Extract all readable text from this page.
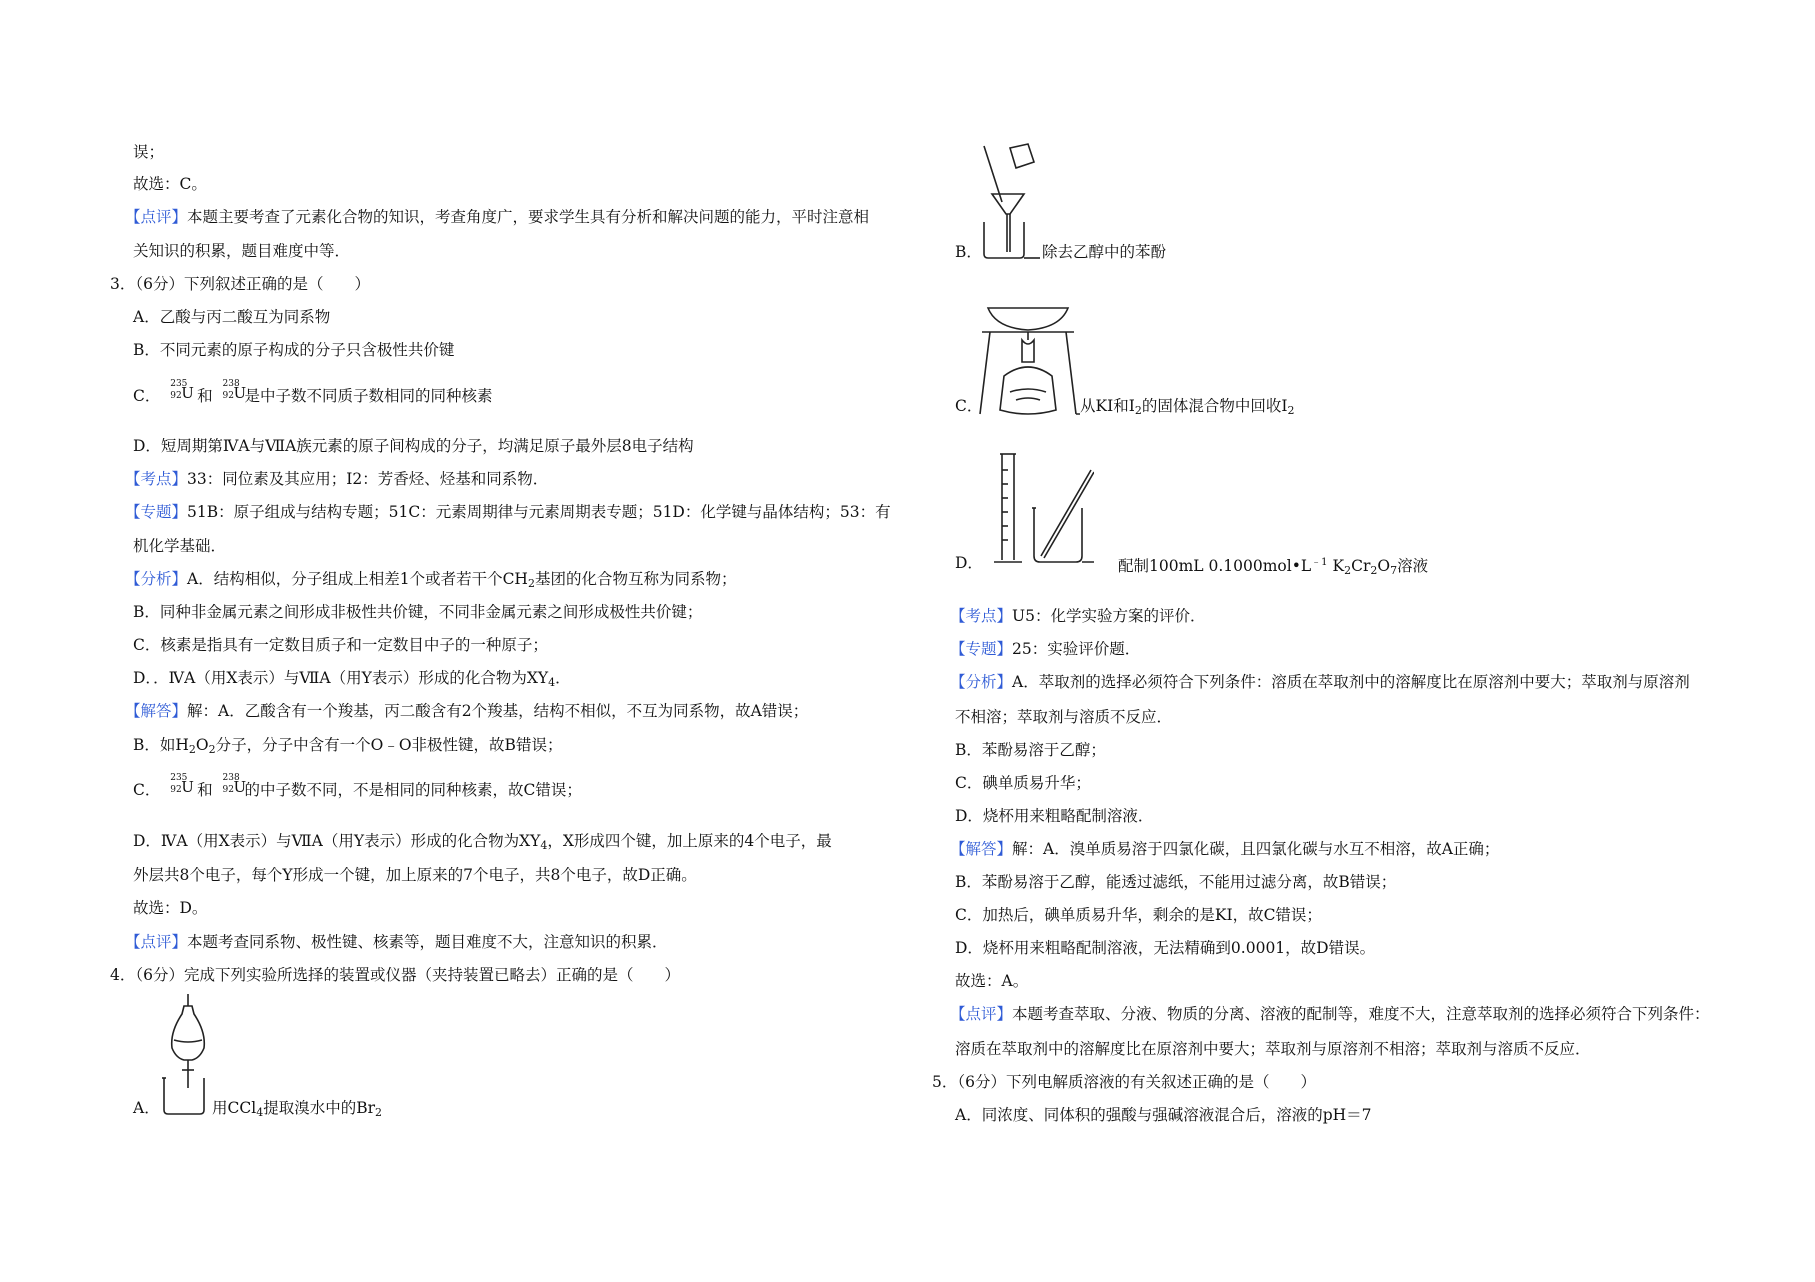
误；
故选：C。
【点评】本题主要考查了元素化合物的知识，考查角度广，要求学生具有分析和解决问题的能力，平时注意相
关知识的积累，题目难度中等．
3．（6分）下列叙述正确的是（　　）
A．乙酸与丙二酸互为同系物
B．不同元素的原子构成的分子只含极性共价键
C．
235
92 U 和
238
92 U
是中子数不同质子数相同的同种核素
D．短周期第ⅣA与ⅦA族元素的原子间构成的分子，均满足原子最外层8电子结构
【考点】33：同位素及其应用；I2：芳香烃、烃基和同系物．
【专题】51B：原子组成与结构专题；51C：元素周期律与元素周期表专题；51D：化学键与晶体结构；53：有
机化学基础．
【分析】A．结构相似，分子组成上相差1个或者若干个$CH_2$基团的化合物互称为同系物；
B．同种非金属元素之间形成非极性共价键，不同非金属元素之间形成极性共价键；
C．核素是指具有一定数目质子和一定数目中子的一种原子；
D．．ⅣA（用X表示）与ⅦA（用Y表示）形成的化合物为$XY_4$．
【解答】解：A．乙酸含有一个羧基，丙二酸含有2个羧基，结构不相似，不互为同系物，故A错误；
B．如$H_2O_2$分子，分子中含有一个O﹣O非极性键，故B错误；
C．
235
92 U 和
238
92 U
的中子数不同，不是相同的同种核素，故C错误；
D．ⅣA（用X表示）与ⅦA（用Y表示）形成的化合物为$XY_4$，X形成四个键，加上原来的4个电子，最
外层共8个电子，每个Y形成一个键，加上原来的7个电子，共8个电子，故D正确。
故选：D。
【点评】本题考查同系物、极性键、核素等，题目难度不大，注意知识的积累．
4．（6分）完成下列实验所选择的装置或仪器（夹持装置已略去）正确的是（　　）
A．	用CCl$_4$提取溴水中的$Br_2$
B．	除去乙醇中的苯酚
C．	从KI和$I_2$的固体混合物中回收$I_2$
D．	配制100mL $0.1000mol•L^{﹣1}$ $K_2Cr_2O_7$溶液
【考点】U5：化学实验方案的评价．
【专题】25：实验评价题．
【分析】A．萃取剂的选择必须符合下列条件：溶质在萃取剂中的溶解度比在原溶剂中要大；萃取剂与原溶剂
不相溶；萃取剂与溶质不反应．
B．苯酚易溶于乙醇；
C．碘单质易升华；
D．烧杯用来粗略配制溶液．
【解答】解：A．溴单质易溶于四氯化碳，且四氯化碳与水互不相溶，故A正确；
B．苯酚易溶于乙醇，能透过滤纸，不能用过滤分离，故B错误；
C．加热后，碘单质易升华，剩余的是KI，故C错误；
D．烧杯用来粗略配制溶液，无法精确到0.0001，故D错误。
故选：A。
【点评】本题考查萃取、分液、物质的分离、溶液的配制等，难度不大，注意萃取剂的选择必须符合下列条件：
溶质在萃取剂中的溶解度比在原溶剂中要大；萃取剂与原溶剂不相溶；萃取剂与溶质不反应．
5．（6分）下列电解质溶液的有关叙述正确的是（　　）
A．同浓度、同体积的强酸与强碱溶液混合后，溶液的pH＝7
